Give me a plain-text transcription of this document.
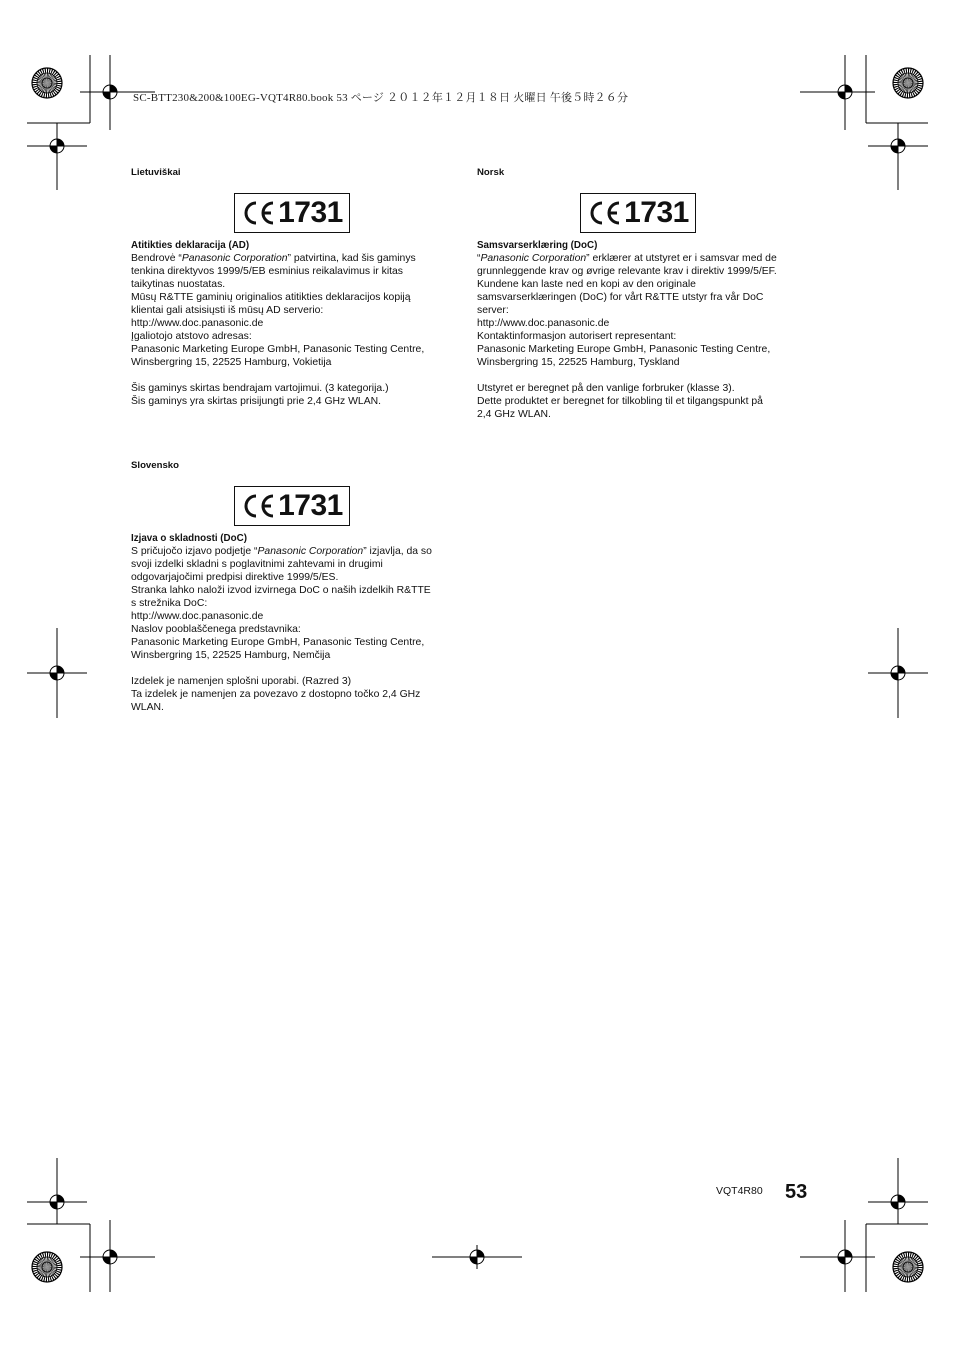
SC-BTT230&200&100EG-VQT4R80.book 53 ページ ２０１２年１２月１８日 火曜日 午後５時２６分
Lietuviškai
1731
Atitikties deklaracija (AD)
Bendrovė “Panasonic Corporation” patvirtina, kad šis gaminys
tenkina direktyvos 1999/5/EB esminius reikalavimus ir kitas
taikytinas nuostatas.
Mūsų R&TTE gaminių originalios atitikties deklaracijos kopiją
klientai gali atsisiųsti iš mūsų AD serverio:
http://www.doc.panasonic.de
Įgaliotojo atstovo adresas:
Panasonic Marketing Europe GmbH, Panasonic Testing Centre,
Winsbergring 15, 22525 Hamburg, Vokietija
Šis gaminys skirtas bendrajam vartojimui. (3 kategorija.)
Šis gaminys yra skirtas prisijungti prie 2,4 GHz WLAN.
Norsk
1731
Samsvarserklæring (DoC)
“Panasonic Corporation” erklærer at utstyret er i samsvar med de
grunnleggende krav og øvrige relevante krav i direktiv 1999/5/EF.
Kundene kan laste ned en kopi av den originale
samsvarserklæringen (DoC) for vårt R&TTE utstyr fra vår DoC
server:
http://www.doc.panasonic.de
Kontaktinformasjon autorisert representant:
Panasonic Marketing Europe GmbH, Panasonic Testing Centre,
Winsbergring 15, 22525 Hamburg, Tyskland
Utstyret er beregnet på den vanlige forbruker (klasse 3).
Dette produktet er beregnet for tilkobling til et tilgangspunkt på
2,4 GHz WLAN.
Slovensko
1731
Izjava o skladnosti (DoC)
S pričujočo izjavo podjetje “Panasonic Corporation” izjavlja, da so
svoji izdelki skladni s poglavitnimi zahtevami in drugimi
odgovarjajočimi predpisi direktive 1999/5/ES.
Stranka lahko naloži izvod izvirnega DoC o naših izdelkih R&TTE
s strežnika DoC:
http://www.doc.panasonic.de
Naslov pooblaščenega predstavnika:
Panasonic Marketing Europe GmbH, Panasonic Testing Centre,
Winsbergring 15, 22525 Hamburg, Nemčija
Izdelek je namenjen splošni uporabi. (Razred 3)
Ta izdelek je namenjen za povezavo z dostopno točko 2,4 GHz
WLAN.
VQT4R80 53
